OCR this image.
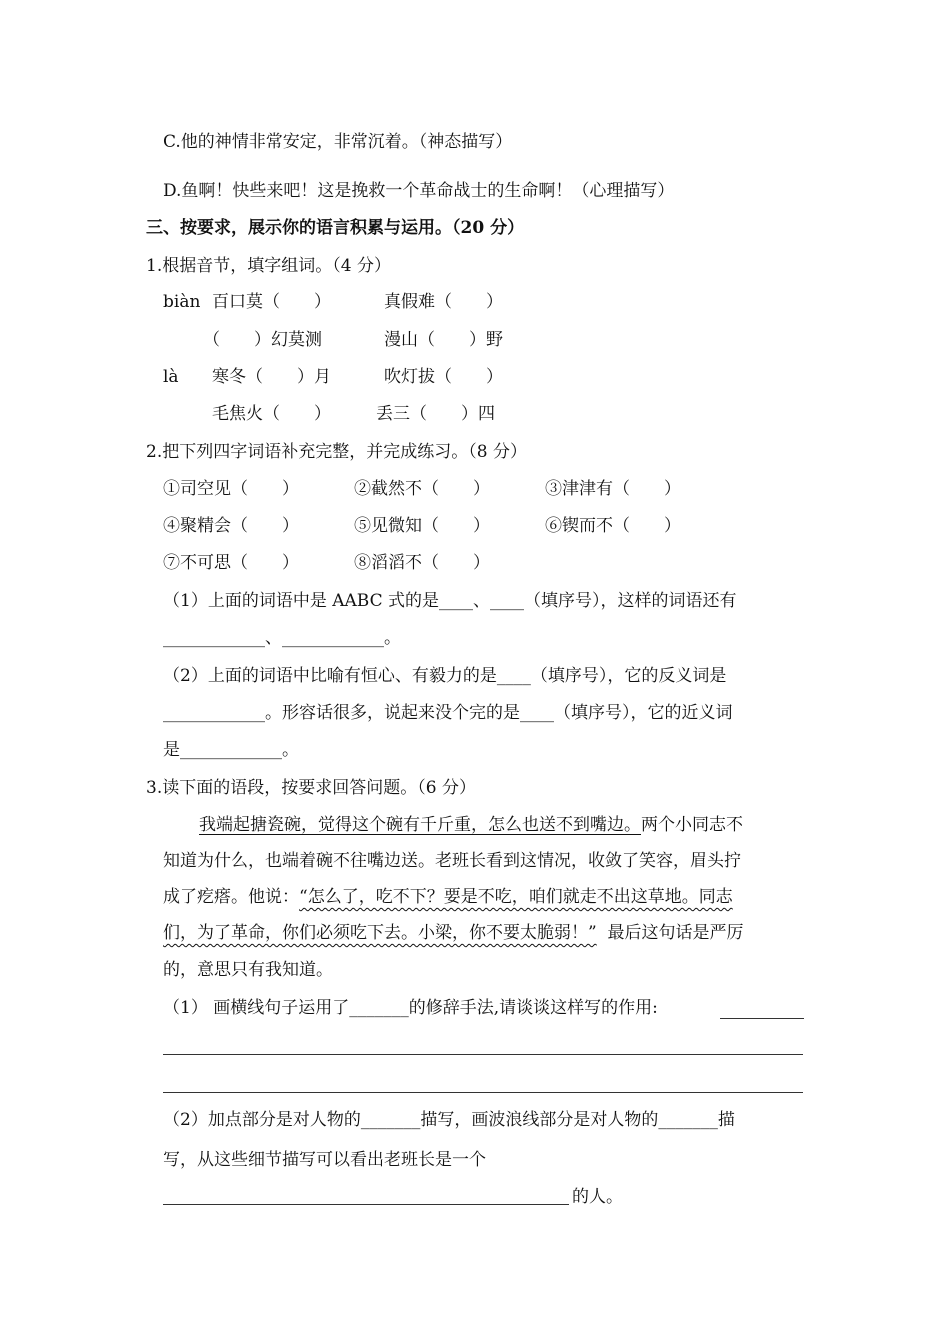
C.他的神情非常安定，非常沉着。（神态描写）
D.鱼啊！快些来吧！这是挽救一个革命战士的生命啊！（心理描写）
三、按要求，展示你的语言积累与运用。（20 分）
1.根据音节，填字组词。（4 分）
biàn 百口莫（　　）	真假难（　　）
（　　）幻莫测	漫山（　　）野
là 寒冬（　　）月	吹灯拔（　　）
毛焦火（　　）	丢三（　　）四
2.把下列四字词语补充完整，并完成练习。（8 分）
①司空见（　　）	②截然不（　　）	③津津有（　　）
④聚精会（　　）	⑤见微知（　　）	⑥锲而不（　　）
⑦不可思（　　）	⑧滔滔不（　　）
（1）上面的词语中是 AABC 式的是____、____（填序号），这样的词语还有
____________、____________。
（2）上面的词语中比喻有恒心、有毅力的是____（填序号），它的反义词是
____________。形容话很多，说起来没个完的是____（填序号），它的近义词
是____________。
3.读下面的语段，按要求回答问题。（6 分）
我端起搪瓷碗，觉得这个碗有千斤重，怎么也送不到嘴边。两个小同志不
知道为什么，也端着碗不往嘴边送。老班长看到这情况，收敛了笑容，眉头拧
成了疙瘩。他说：“怎么了，吃不下？要是不吃，咱们就走不出这草地。同志
们，为了革命，你们必须吃下去。小梁，你不要太脆弱！”  最后这句话是严厉
的，意思只有我知道。
（1） 画横线句子运用了_______的修辞手法,请谈谈这样写的作用:
（2）加点部分是对人物的_______描写，画波浪线部分是对人物的_______描
写，从这些细节描写可以看出老班长是一个
的人。
